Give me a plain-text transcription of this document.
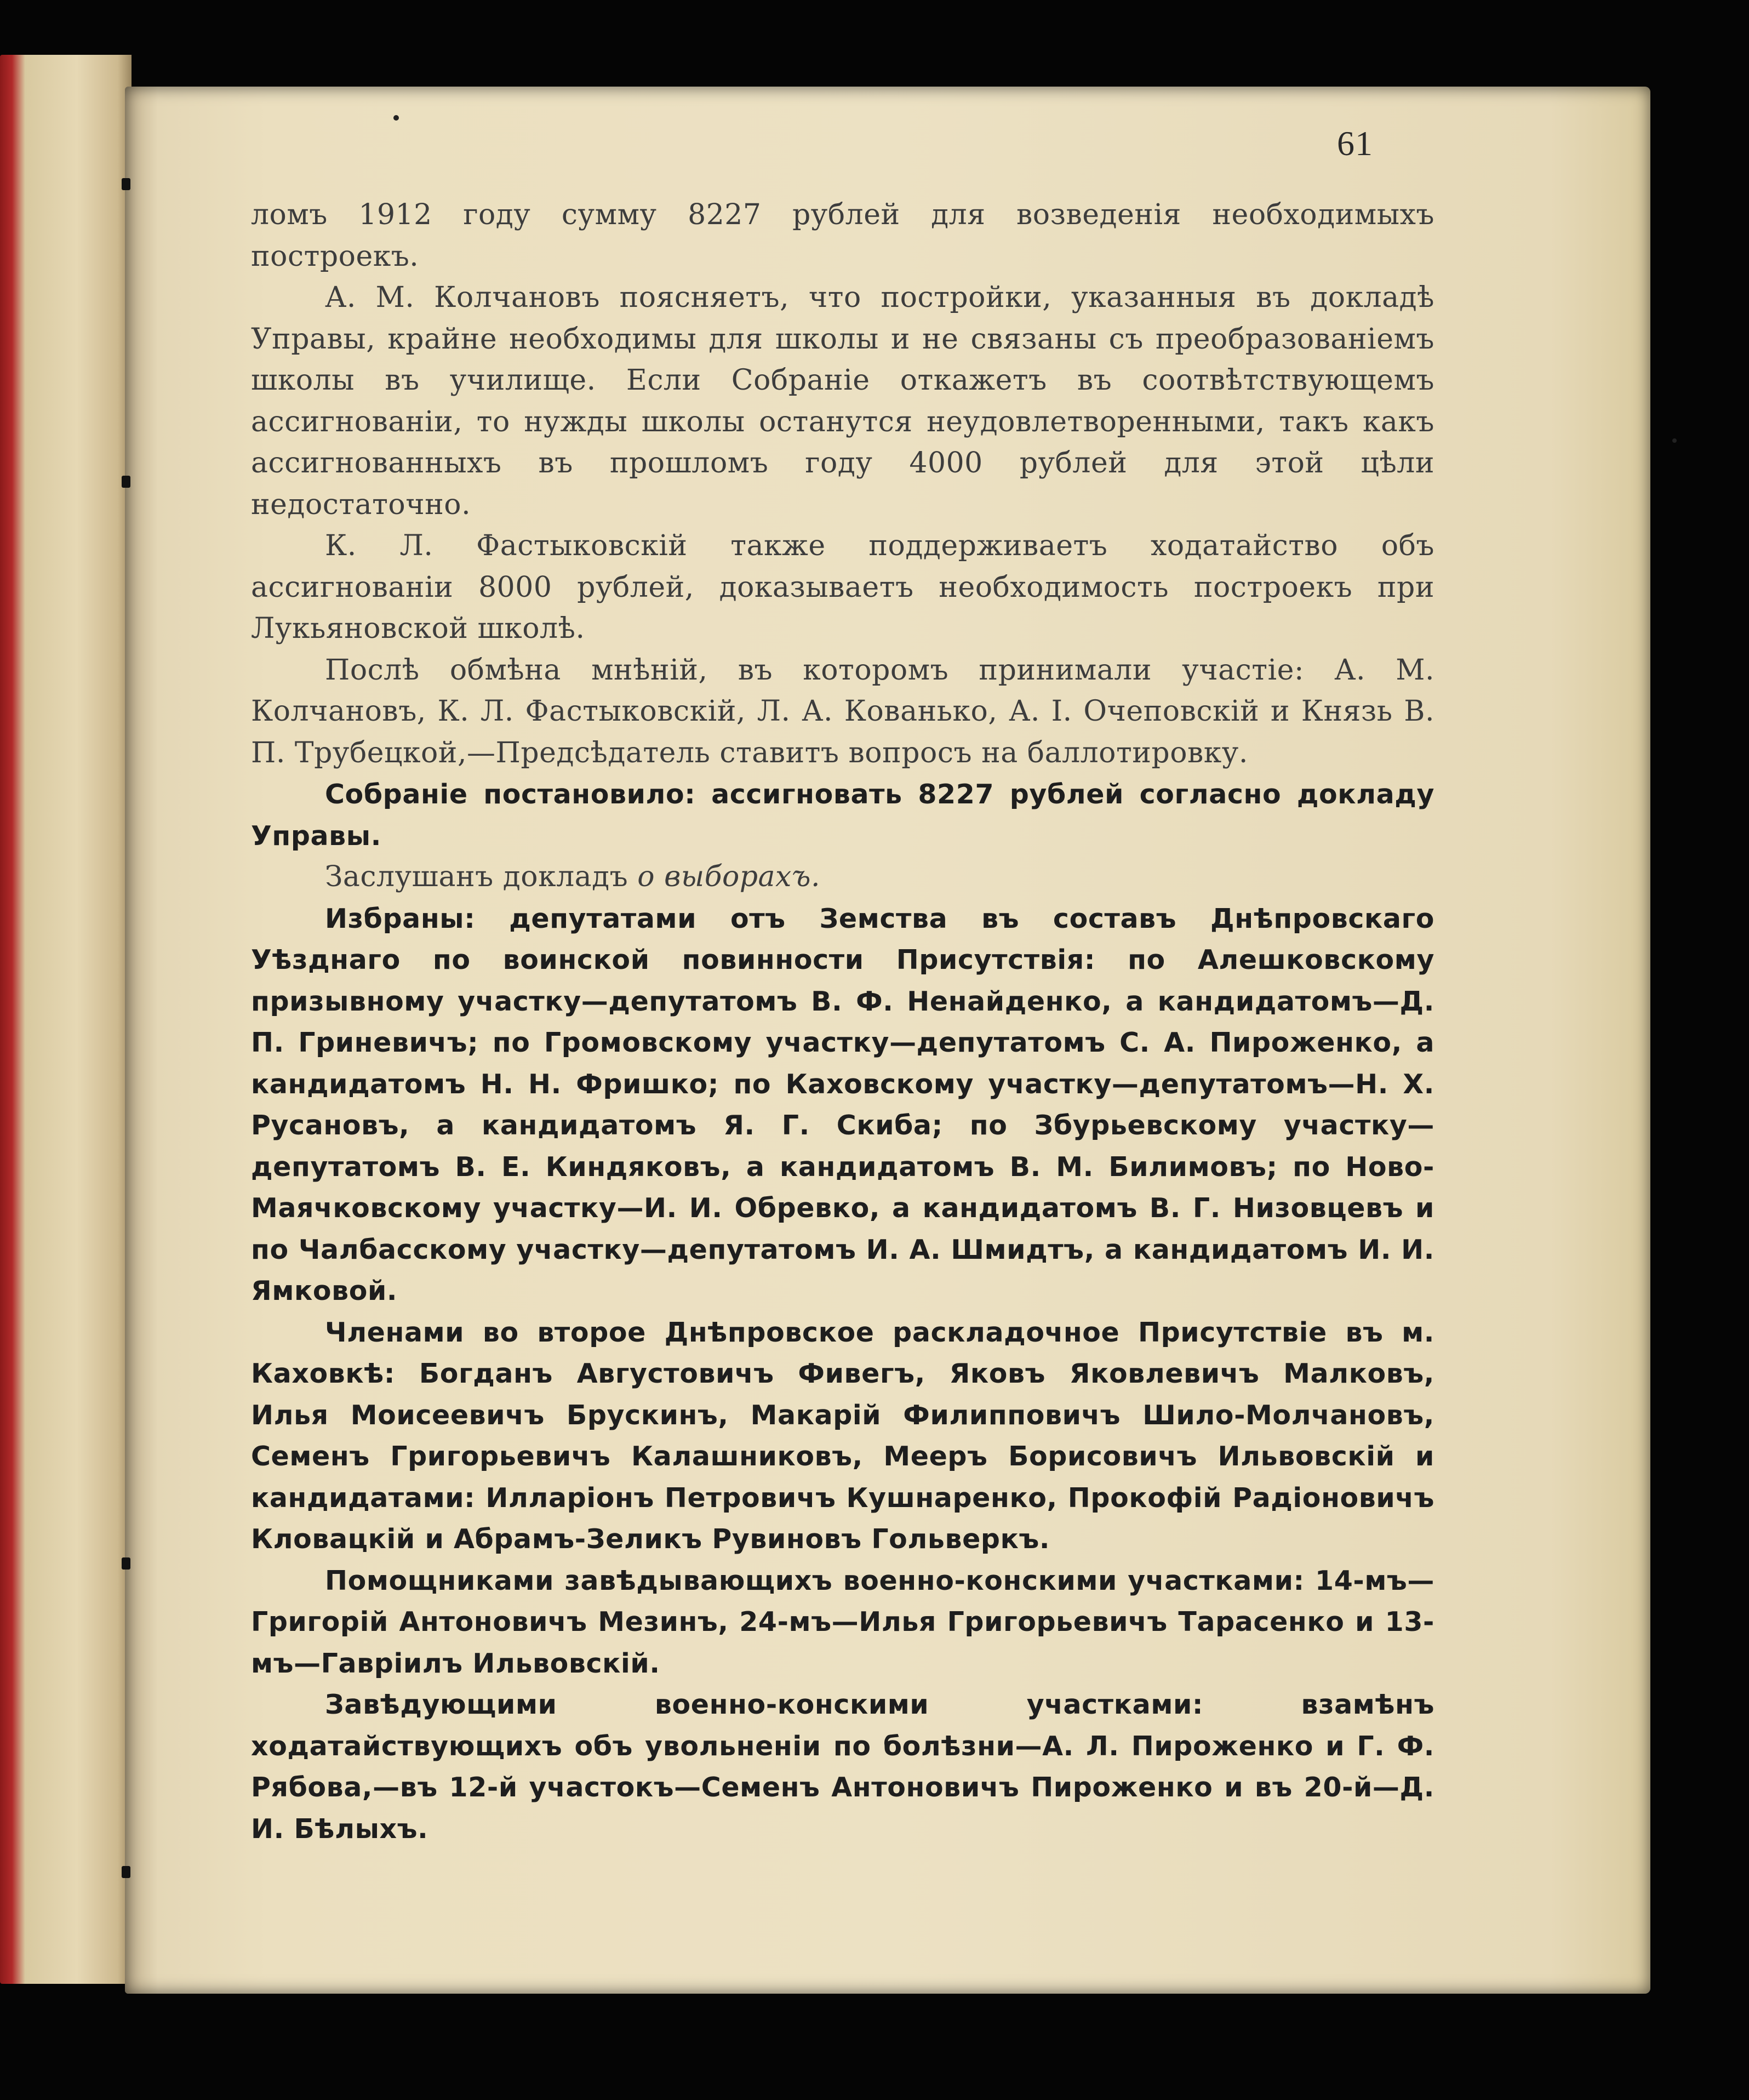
61

ломъ 1912 году сумму 8227 рублей для возведенія необходимыхъ построекъ.

А. М. Колчановъ поясняетъ, что постройки, указанныя въ докладѣ Управы, крайне необходимы для школы и не связаны съ преобразованіемъ школы въ училище. Если Собраніе откажетъ въ соотвѣтствующемъ ассигнованіи, то нужды школы останутся неудовлетворенными, такъ какъ ассигнованныхъ въ прошломъ году 4000 рублей для этой цѣли недостаточно.

К. Л. Фастыковскій также поддерживаетъ ходатайство объ ассигнованіи 8000 рублей, доказываетъ необходимость построекъ при Лукьяновской школѣ.

Послѣ обмѣна мнѣній, въ которомъ принимали участіе: А. М. Колчановъ, К. Л. Фастыковскій, Л. А. Кованько, А. І. Очеповскій и Князь В. П. Трубецкой,—Предсѣдатель ставитъ вопросъ на баллотировку.

Собраніе постановило: ассигновать 8227 рублей согласно докладу Управы.

Заслушанъ докладъ о выборахъ.

Избраны: депутатами отъ Земства въ составъ Днѣпровскаго Уѣзднаго по воинской повинности Присутствія: по Алешковскому призывному участку—депутатомъ В. Ф. Ненайденко, а кандидатомъ—Д. П. Гриневичъ; по Громовскому участку—депутатомъ С. А. Пироженко, а кандидатомъ Н. Н. Фришко; по Каховскому участку—депутатомъ—Н. Х. Русановъ, а кандидатомъ Я. Г. Скиба; по Збурьевскому участку—депутатомъ В. Е. Киндяковъ, а кандидатомъ В. М. Билимовъ; по Ново-Маячковскому участку—И. И. Обревко, а кандидатомъ В. Г. Низовцевъ и по Чалбасскому участку—депутатомъ И. А. Шмидтъ, а кандидатомъ И. И. Ямковой.

Членами во второе Днѣпровское раскладочное Присутствіе въ м. Каховкѣ: Богданъ Августовичъ Фивегъ, Яковъ Яковлевичъ Малковъ, Илья Моисеевичъ Брускинъ, Макарій Филипповичъ Шило-Молчановъ, Семенъ Григорьевичъ Калашниковъ, Мееръ Борисовичъ Ильвовскій и кандидатами: Илларіонъ Петровичъ Кушнаренко, Прокофій Радіоновичъ Кловацкій и Абрамъ-Зеликъ Рувиновъ Гольверкъ.

Помощниками завѣдывающихъ военно-конскими участками: 14-мъ—Григорій Антоновичъ Мезинъ, 24-мъ—Илья Григорьевичъ Тарасенко и 13-мъ—Гавріилъ Ильвовскій.

Завѣдующими военно-конскими участками: взамѣнъ ходатайствующихъ объ увольненіи по болѣзни—А. Л. Пироженко и Г. Ф. Рябова,—въ 12-й участокъ—Семенъ Антоновичъ Пироженко и въ 20-й—Д. И. Бѣлыхъ.
